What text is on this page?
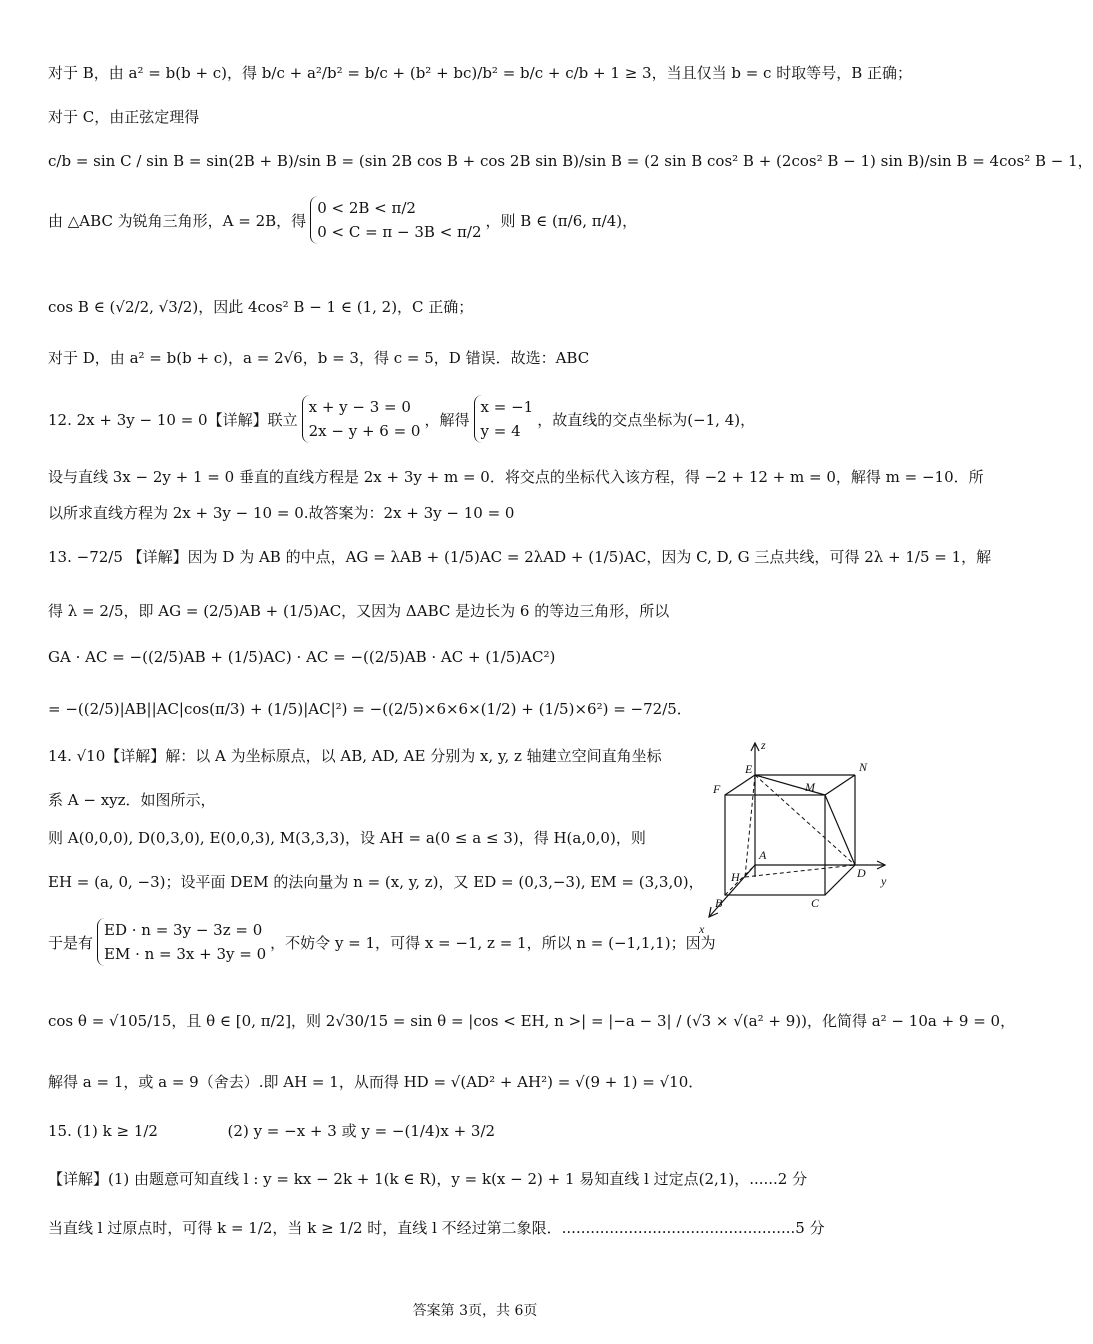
对于 B，由 a² = b(b + c)，得 b/c + a²/b² = b/c + (b² + bc)/b² = b/c + c/b + 1 ≥ 3，当且仅当 b = c 时取等号，B 正确；
对于 C，由正弦定理得
c/b = sin C / sin B = sin(2B + B)/sin B = (sin 2B cos B + cos 2B sin B)/sin B = (2 sin B cos² B + (2cos² B − 1) sin B)/sin B = 4cos² B − 1，
由 △ABC 为锐角三角形，A = 2B，得
0 < 2B < π/2
0 < C = π − 3B < π/2
，则 B ∈ (π/6, π/4)，
cos B ∈ (√2/2, √3/2)，因此 4cos² B − 1 ∈ (1, 2)，C 正确；
对于 D，由 a² = b(b + c)，a = 2√6，b = 3，得 c = 5，D 错误．故选：ABC
12. 2x + 3y − 10 = 0【详解】联立
x + y − 3 = 0
2x − y + 6 = 0
，解得
x = −1
y = 4
，故直线的交点坐标为(−1, 4)，
设与直线 3x − 2y + 1 = 0 垂直的直线方程是 2x + 3y + m = 0．将交点的坐标代入该方程，得 −2 + 12 + m = 0，解得 m = −10．所
以所求直线方程为 2x + 3y − 10 = 0.故答案为：2x + 3y − 10 = 0
13. −72/5 【详解】因为 D 为 AB 的中点，AG = λAB + (1/5)AC = 2λAD + (1/5)AC，因为 C, D, G 三点共线，可得 2λ + 1/5 = 1，解
得 λ = 2/5，即 AG = (2/5)AB + (1/5)AC，又因为 ΔABC 是边长为 6 的等边三角形，所以
GA · AC = −((2/5)AB + (1/5)AC) · AC = −((2/5)AB · AC + (1/5)AC²)
= −((2/5)|AB||AC|cos(π/3) + (1/5)|AC|²) = −((2/5)×6×6×(1/2) + (1/5)×6²) = −72/5．
14. √10【详解】解：以 A 为坐标原点，以 AB, AD, AE 分别为 x, y, z 轴建立空间直角坐标
系 A − xyz．如图所示，
则 A(0,0,0), D(0,3,0), E(0,0,3), M(3,3,3)，设 AH = a(0 ≤ a ≤ 3)，得 H(a,0,0)，则
EH = (a, 0, −3)；设平面 DEM 的法向量为 n = (x, y, z)，又 ED = (0,3,−3), EM = (3,3,0)，
于是有
ED · n = 3y − 3z = 0
EM · n = 3x + 3y = 0
，不妨令 y = 1，可得 x = −1, z = 1，所以 n = (−1,1,1)；因为
cos θ = √105/15，且 θ ∈ [0, π/2]，则 2√30/15 = sin θ = |cos < EH, n >| = |−a − 3| / (√3 × √(a² + 9))，化简得 a² − 10a + 9 = 0，
解得 a = 1，或 a = 9（舍去）.即 AH = 1，从而得 HD = √(AD² + AH²) = √(9 + 1) = √10．
15. (1) k ≥ 1/2	(2) y = −x + 3 或 y = −(1/4)x + 3/2
【详解】(1) 由题意可知直线 l : y = kx − 2k + 1(k ∈ R)，y = k(x − 2) + 1 易知直线 l 过定点(2,1)，......2 分
当直线 l 过原点时，可得 k = 1/2，当 k ≥ 1/2 时，直线 l 不经过第二象限．.................................................5 分
z
E	N
F	M
A
H	D
y
B	C
x
答案第 3页，共 6页
